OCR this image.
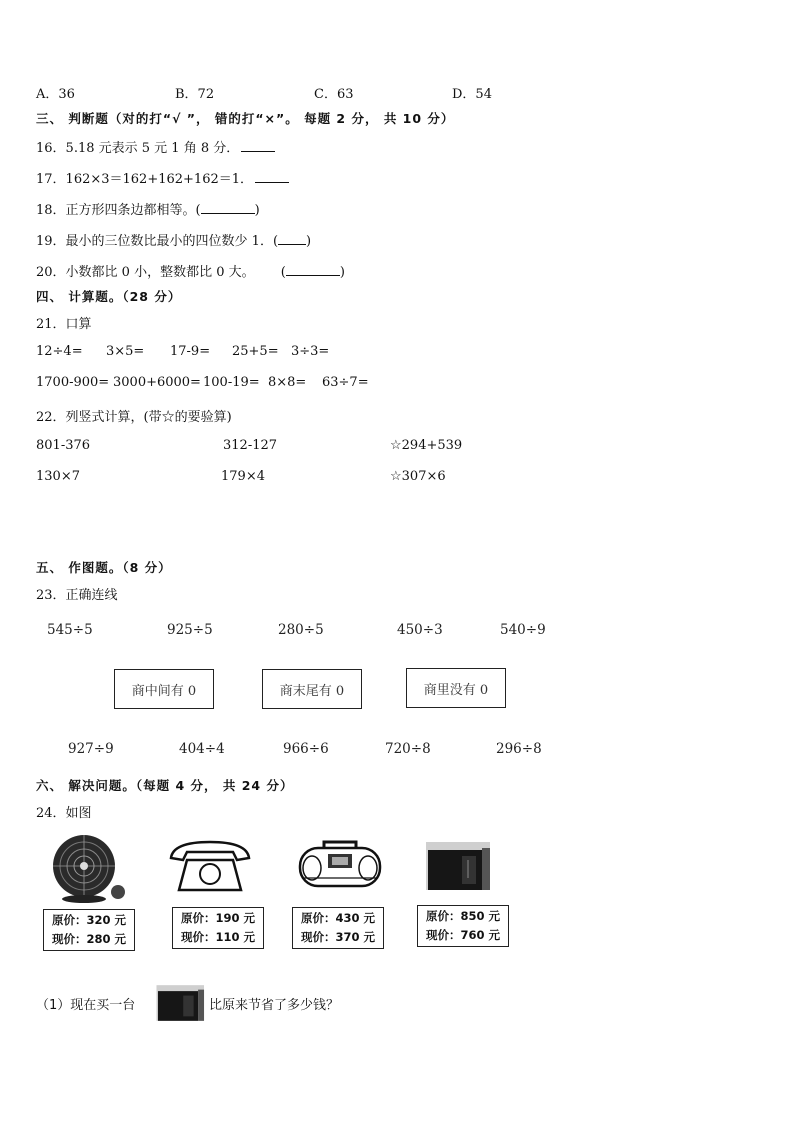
A．36	B．72	C．63	D．54
三、 判断题（对的打“√ ”， 错的打“×”。 每题 2 分， 共 10 分）
16．5.18 元表示 5 元 1 角 8 分．
17．162×3＝162+162+162＝1．
18．正方形四条边都相等。(	)
19．最小的三位数比最小的四位数少 1．( )
20．小数都比 0 小，整数都比 0 大。 (	)
四、 计算题。（28 分）
21．口算
12÷4= 3×5= 17-9= 25+5= 3÷3=
1700-900= 3000+6000= 100-19= 8×8= 63÷7=
22．列竖式计算，(带☆的要验算)
801-376	312-127	☆294+539
130×7	179×4	☆307×6
五、 作图题。（8 分）
23．正确连线
545÷5	925÷5	280÷5	450÷3	540÷9
商中间有 0	商末尾有 0	商里没有 0
927÷9	404÷4	966÷6	720÷8	296÷8
六、 解决问题。（每题 4 分， 共 24 分）
24．如图
原价：320 元
现价：280 元
原价：190 元
现价：110 元
原价：430 元
现价：370 元
原价：850 元
现价：760 元
（1）现在买一台	比原来节省了多少钱？
